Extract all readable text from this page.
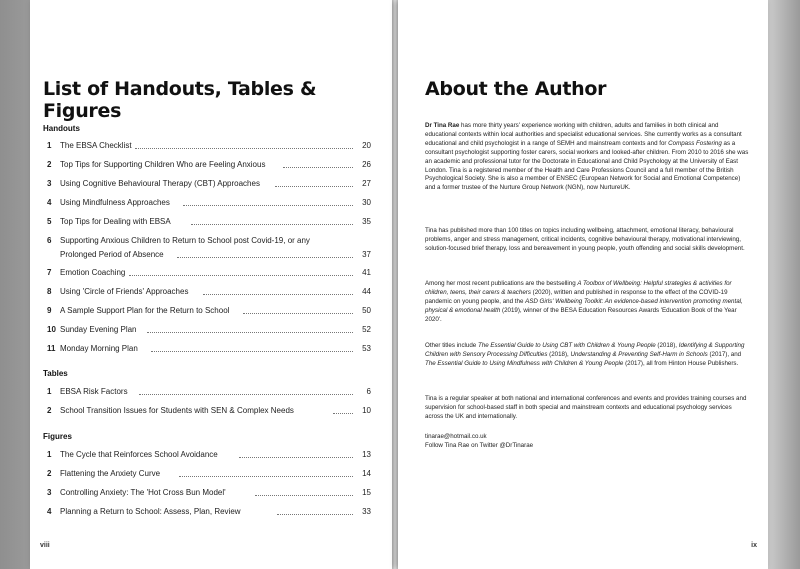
List of Handouts, Tables & Figures
Handouts
1 The EBSA Checklist	20
2 Top Tips for Supporting Children Who are Feeling Anxious	26
3 Using Cognitive Behavioural Therapy (CBT) Approaches	27
4 Using Mindfulness Approaches	30
5 Top Tips for Dealing with EBSA	35
6 Supporting Anxious Children to Return to School post Covid-19, or any
Prolonged Period of Absence	37
7 Emotion Coaching	41
8 Using 'Circle of Friends' Approaches	44
9 A Sample Support Plan for the Return to School	50
10 Sunday Evening Plan	52
11 Monday Morning Plan	53
Tables
1 EBSA Risk Factors	6
2 School Transition Issues for Students with SEN & Complex Needs	10
Figures
1 The Cycle that Reinforces School Avoidance	13
2 Flattening the Anxiety Curve	14
3 Controlling Anxiety: The 'Hot Cross Bun Model'	15
4 Planning a Return to School: Assess, Plan, Review	33
viii
About the Author

Dr Tina Rae has more thirty years' experience working with children, adults and families in both clinical and educational contexts within local authorities and specialist educational services. She currently works as a consultant educational and child psychologist in a range of SEMH and mainstream contexts and for Compass Fostering as a consultant psychologist supporting foster carers, social workers and looked-after children. From 2010 to 2016 she was an academic and professional tutor for the Doctorate in Educational and Child Psychology at the University of East London. Tina is a registered member of the Health and Care Professions Council and a full member of the British Psychological Society. She is also a member of ENSEC (European Network for Social and Emotional Competence) and a former trustee of the Nurture Group Network (NGN), now NurtureUK.

Tina has published more than 100 titles on topics including wellbeing, attachment, emotional literacy, behavioural problems, anger and stress management, critical incidents, cognitive behavioural therapy, motivational interviewing, solution-focused brief therapy, loss and bereavement in young people, youth offending and social skills development.

Among her most recent publications are the bestselling A Toolbox of Wellbeing: Helpful strategies & activities for children, teens, their carers & teachers (2020), written and published in response to the effect of the COVID-19 pandemic on young people, and the ASD Girls' Wellbeing Toolkit: An evidence-based intervention promoting mental, physical & emotional health (2019), winner of the BESA Education Resources Awards 'Education Book of the Year 2020'.

Other titles include The Essential Guide to Using CBT with Children & Young People (2018), Identifying & Supporting Children with Sensory Processing Difficulties (2018), Understanding & Preventing Self-Harm in Schools (2017), and The Essential Guide to Using Mindfulness with Children & Young People (2017), all from Hinton House Publishers.

Tina is a regular speaker at both national and international conferences and events and provides training courses and supervision for school-based staff in both special and mainstream contexts and educational psychology services across the UK and internationally.

tinarae@hotmail.co.uk

Follow Tina Rae on Twitter @DrTinarae

ix
